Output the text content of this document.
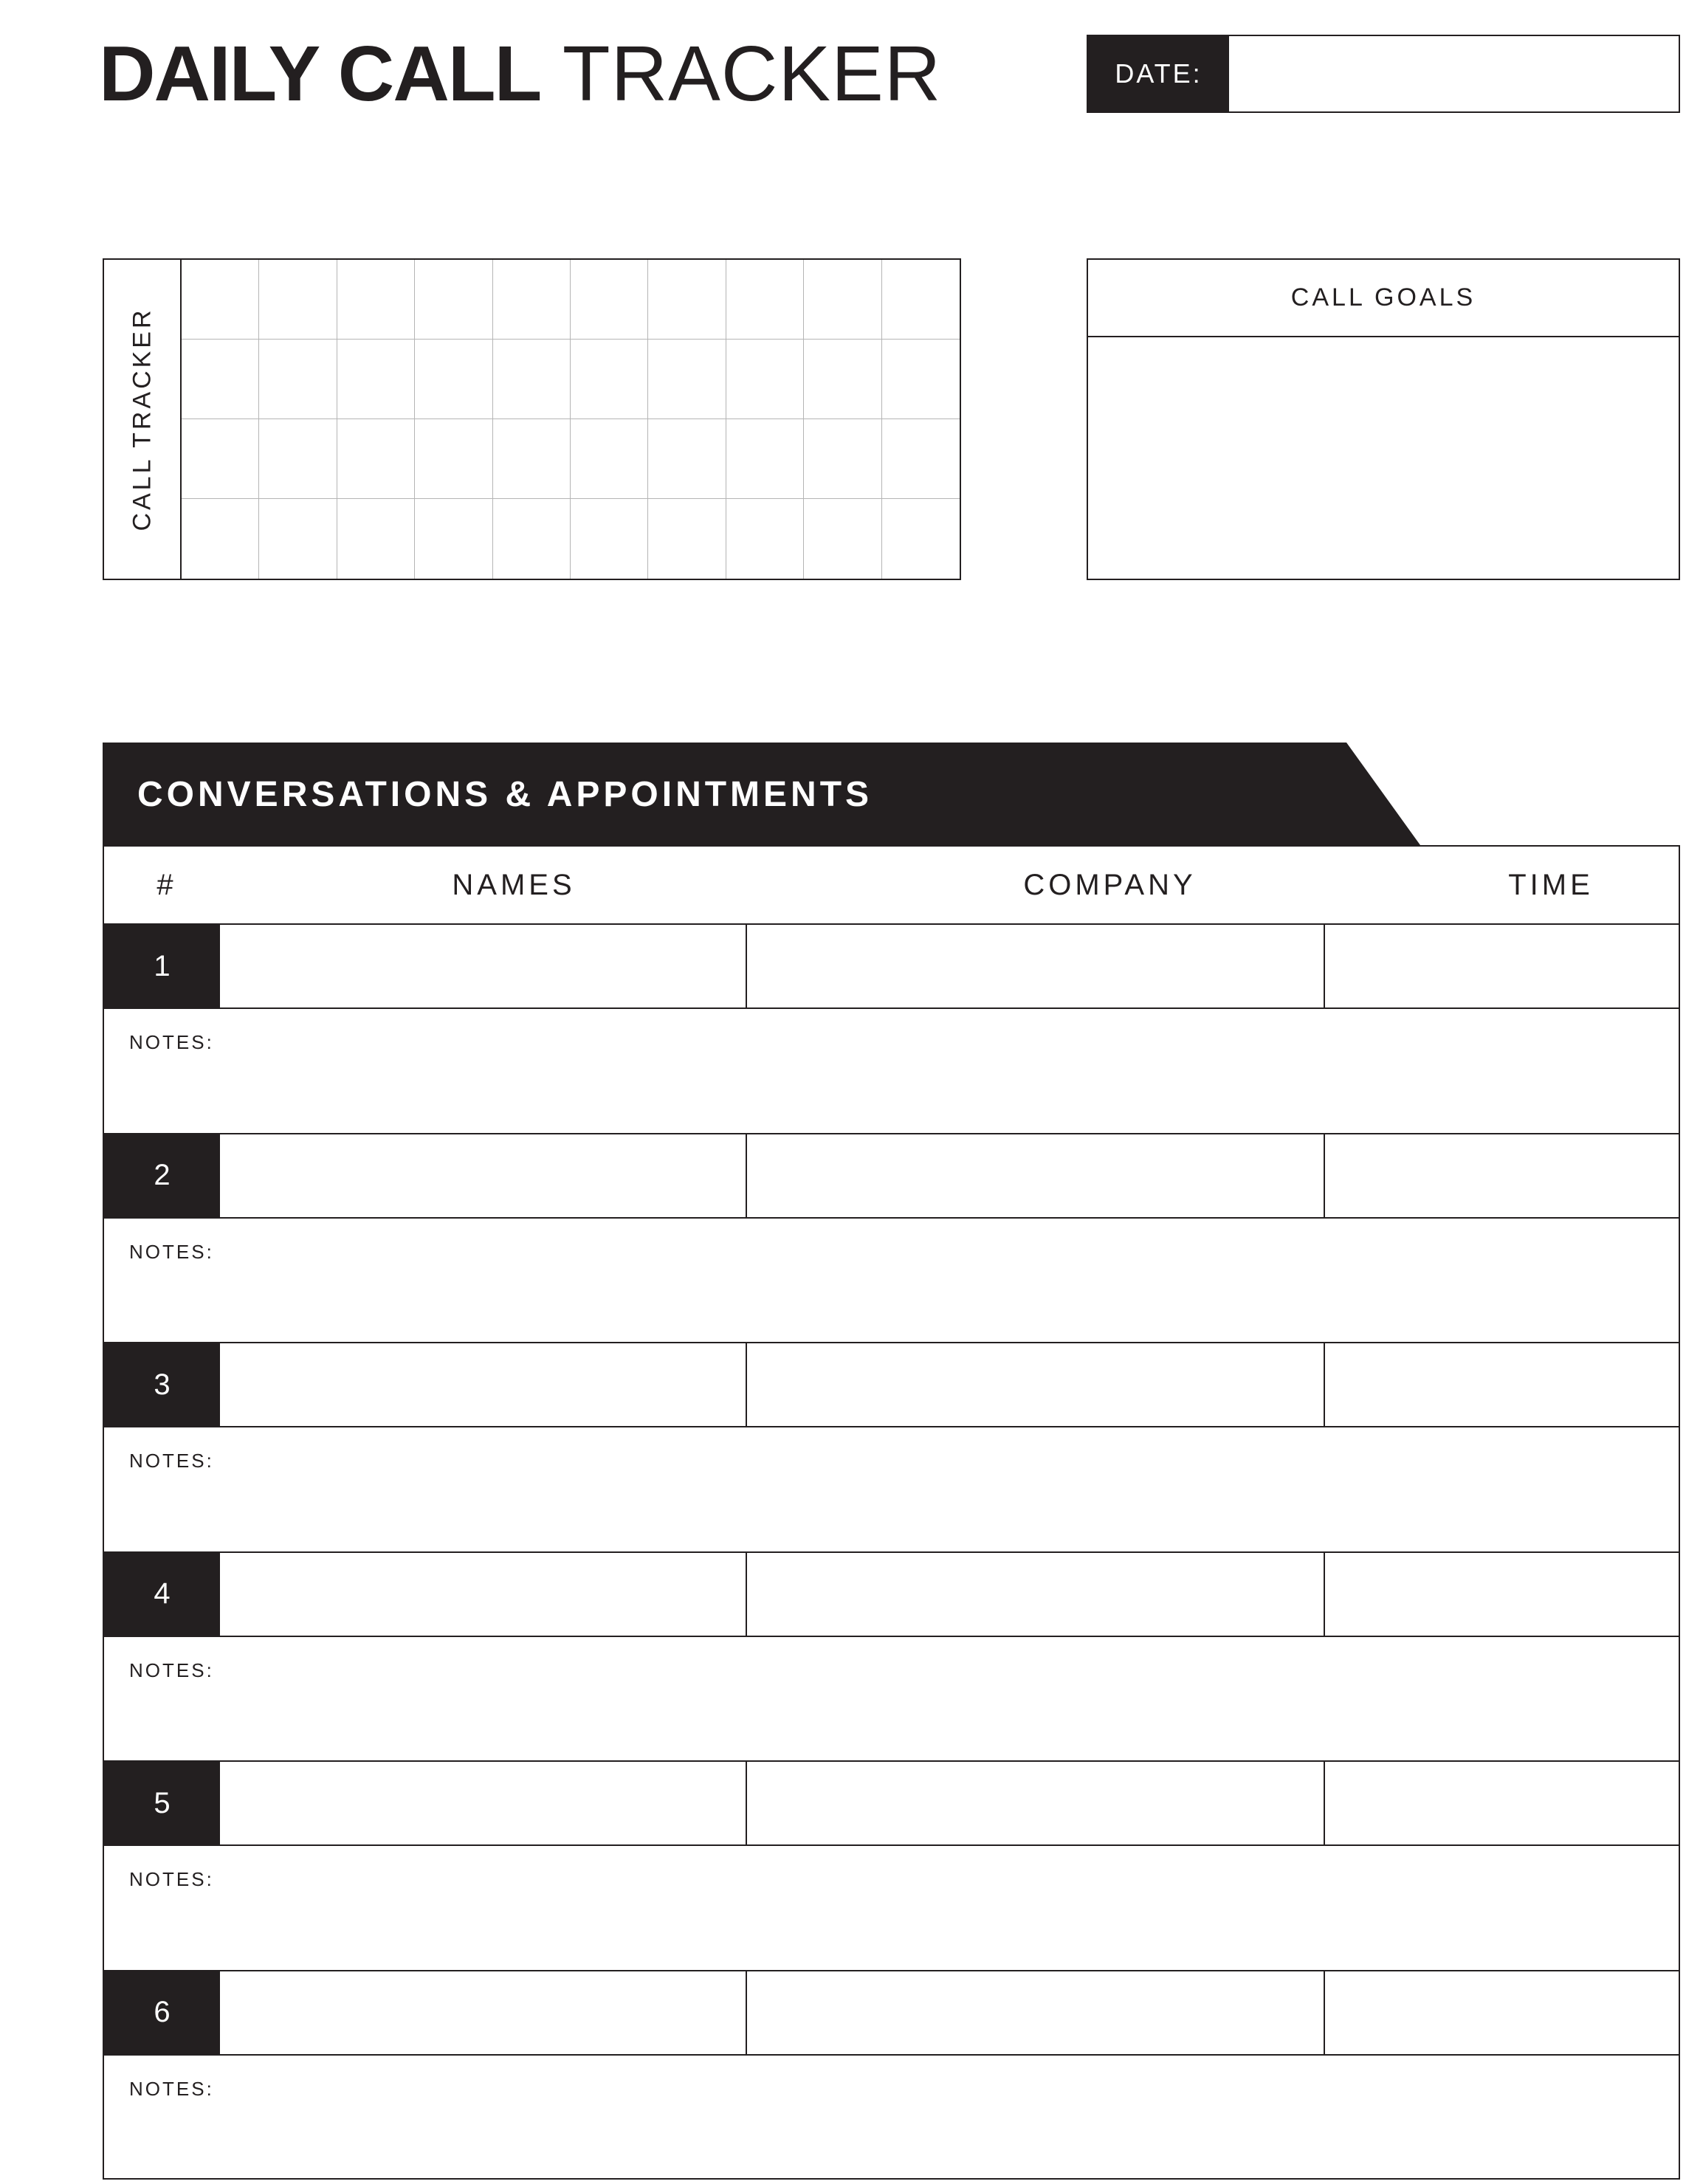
DAILY CALL TRACKER	DATE:
CALL TRACKER
CALL GOALS
CONVERSATIONS & APPOINTMENTS
#	NAMES	COMPANY	TIME
1
NOTES:
2
NOTES:
3
NOTES:
4
NOTES:
5
NOTES:
6
NOTES:
